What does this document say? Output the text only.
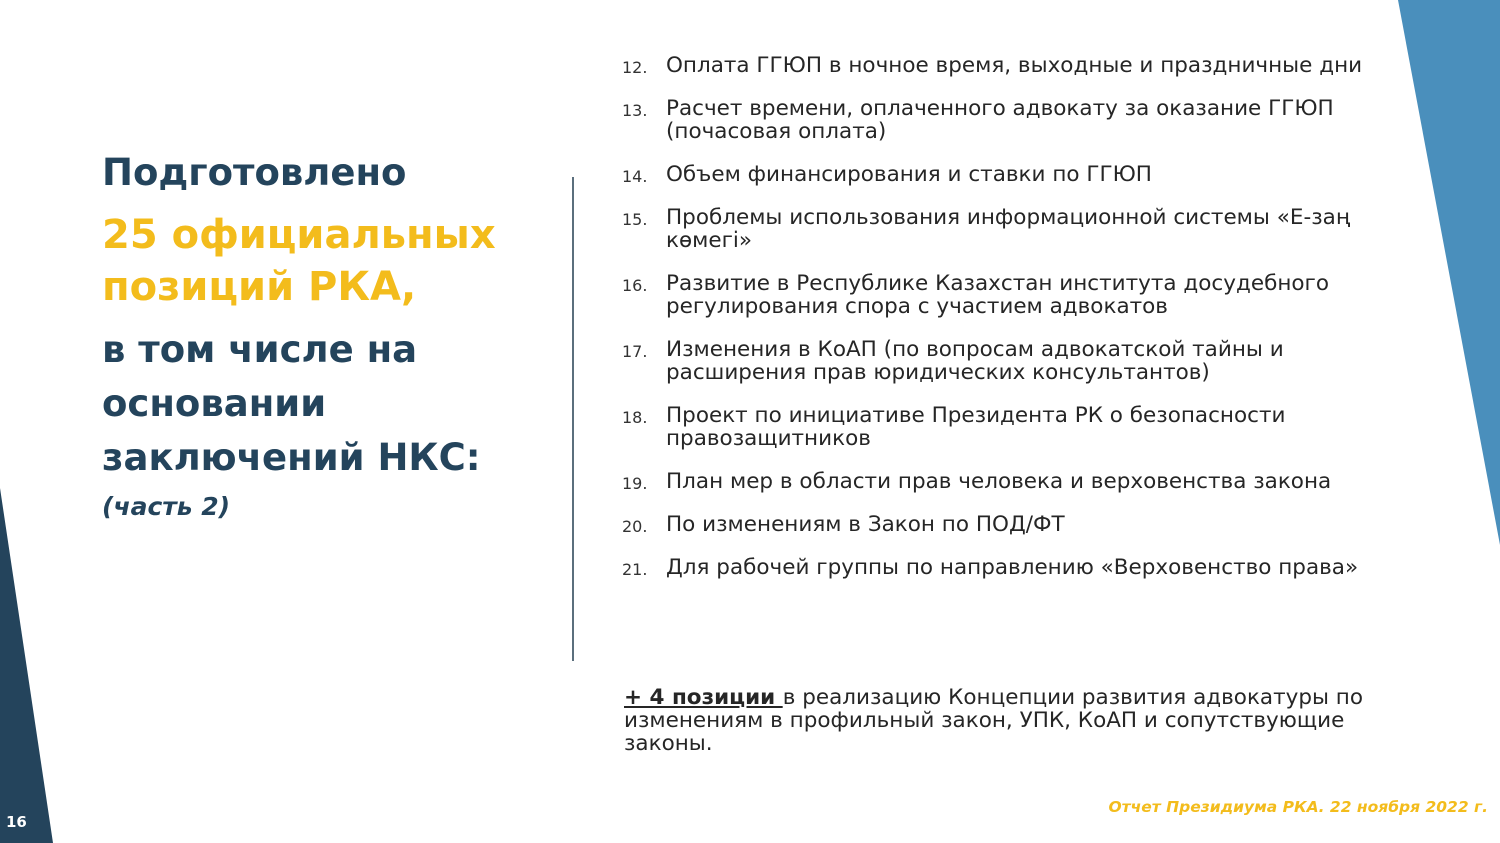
Подготовлено
25 официальных позиций РКА,
в том числе на основании заключений НКС:
(часть 2)
12. Оплата ГГЮП в ночное время, выходные и праздничные дни
13. Расчет времени, оплаченного адвокату за оказание ГГЮП (почасовая оплата)
14. Объем финансирования и ставки по ГГЮП
15. Проблемы использования информационной системы «Е-заң көмегі»
16. Развитие в Республике Казахстан института досудебного регулирования спора с участием адвокатов
17. Изменения в КоАП (по вопросам адвокатской тайны и расширения прав юридических консультантов)
18. Проект по инициативе Президента РК о безопасности правозащитников
19. План мер в области прав человека и верховенства закона
20. По изменениям в Закон по ПОД/ФТ
21. Для рабочей группы по направлению «Верховенство права»
+ 4 позиции в реализацию Концепции развития адвокатуры по изменениям в профильный закон, УПК, КоАП и сопутствующие законы.
16
Отчет Президиума РКА. 22 ноября 2022 г.
